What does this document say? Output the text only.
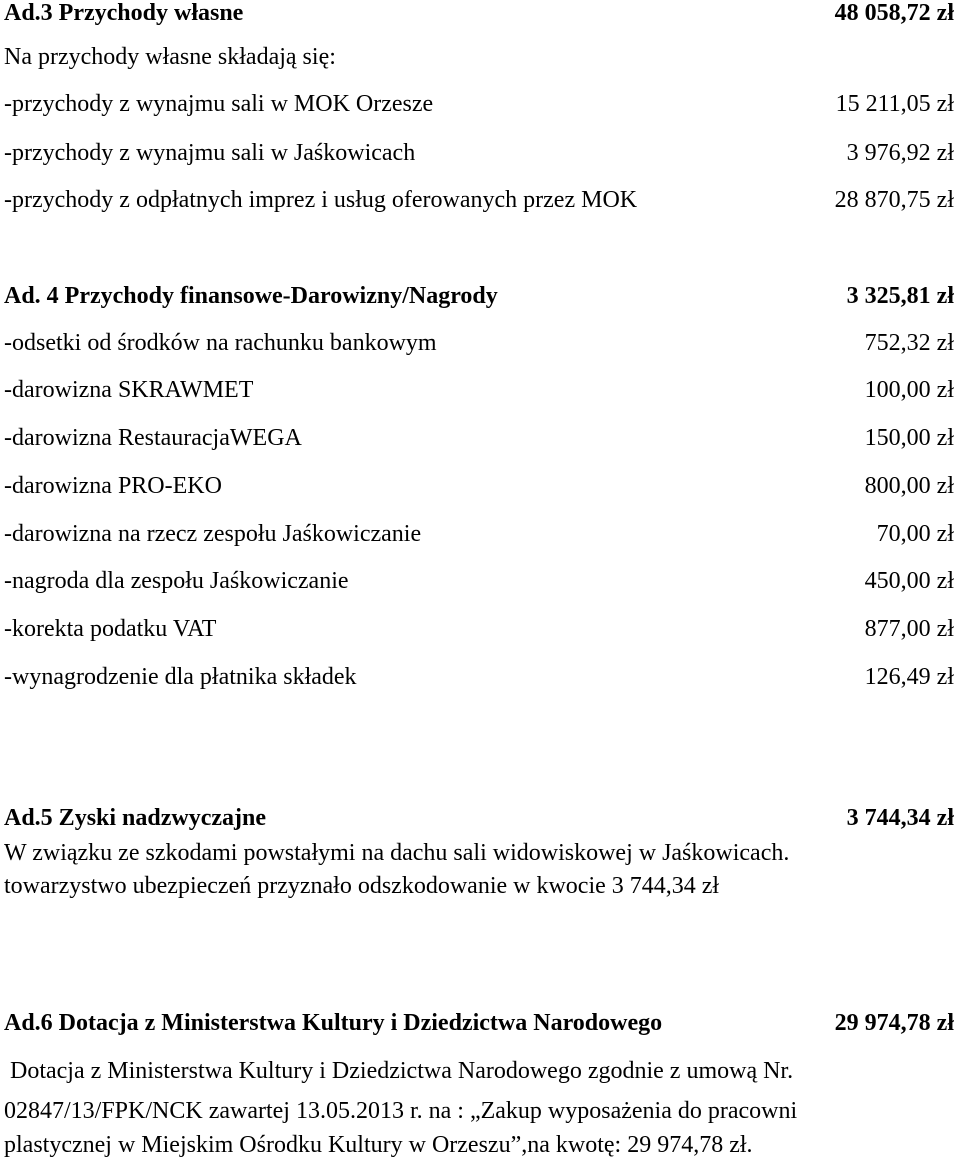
Ad.3 Przychody własne	48 058,72 zł
Na przychody własne składają się:
-przychody z wynajmu sali w MOK Orzesze	15 211,05 zł
-przychody z wynajmu sali w Jaśkowicach	3 976,92 zł
-przychody z odpłatnych imprez i usług oferowanych przez MOK	28 870,75 zł
Ad. 4 Przychody finansowe-Darowizny/Nagrody	3 325,81 zł
-odsetki od środków na rachunku bankowym	752,32 zł
-darowizna SKRAWMET	100,00 zł
-darowizna RestauracjaWEGA	150,00 zł
-darowizna PRO-EKO	800,00 zł
-darowizna na rzecz zespołu Jaśkowiczanie	70,00 zł
-nagroda dla zespołu Jaśkowiczanie	450,00 zł
-korekta podatku VAT	877,00 zł
-wynagrodzenie dla płatnika składek	126,49 zł
Ad.5 Zyski nadzwyczajne	3 744,34 zł
W związku ze szkodami powstałymi na dachu sali widowiskowej w Jaśkowicach.
towarzystwo ubezpieczeń przyznało odszkodowanie w kwocie 3 744,34 zł
Ad.6 Dotacja z Ministerstwa Kultury i Dziedzictwa Narodowego	29 974,78 zł
Dotacja z Ministerstwa Kultury i Dziedzictwa Narodowego zgodnie z umową Nr.
02847/13/FPK/NCK zawartej 13.05.2013 r. na : „Zakup wyposażenia do pracowni
plastycznej w Miejskim Ośrodku Kultury w Orzeszu”,na kwotę: 29 974,78 zł.
